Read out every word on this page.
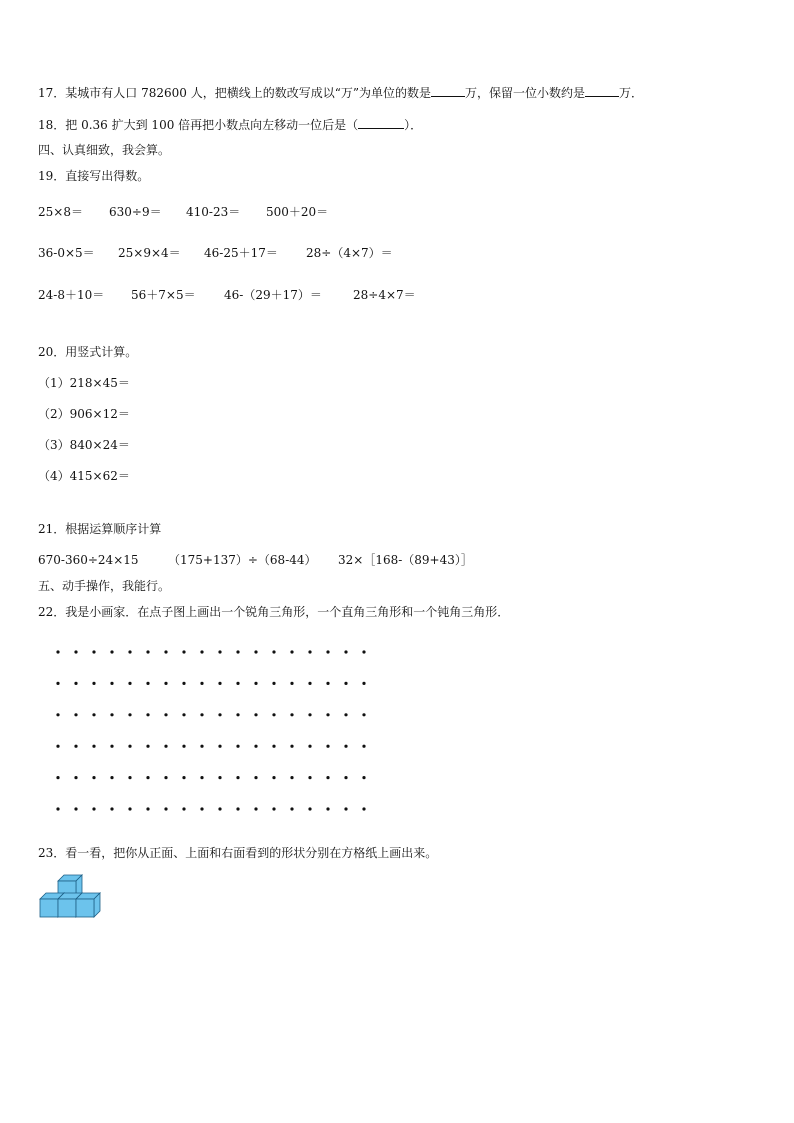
17．某城市有人口 782600 人，把横线上的数改写成以“万”为单位的数是	万，保留一位小数约是	万．
18．把 0.36 扩大到 100 倍再把小数点向左移动一位后是（	）．
四、认真细致，我会算。
19．直接写出得数。
25×8＝ 630÷9＝ 410-23＝ 500＋20＝
36-0×5＝ 25×9×4＝ 46-25＋17＝ 28÷（4×7）＝
24-8＋10＝ 56＋7×5＝ 46-（29＋17）＝	28÷4×7＝
20．用竖式计算。
（1）218×45＝
（2）906×12＝
（3）840×24＝
（4）415×62＝
21．根据运算顺序计算
670-360÷24×15 （175+137）÷（68-44） 32×［168-（89+43）］
五、动手操作，我能行。
22．我是小画家．在点子图上画出一个锐角三角形，一个直角三角形和一个钝角三角形．
23．看一看，把你从正面、上面和右面看到的形状分别在方格纸上画出来。
